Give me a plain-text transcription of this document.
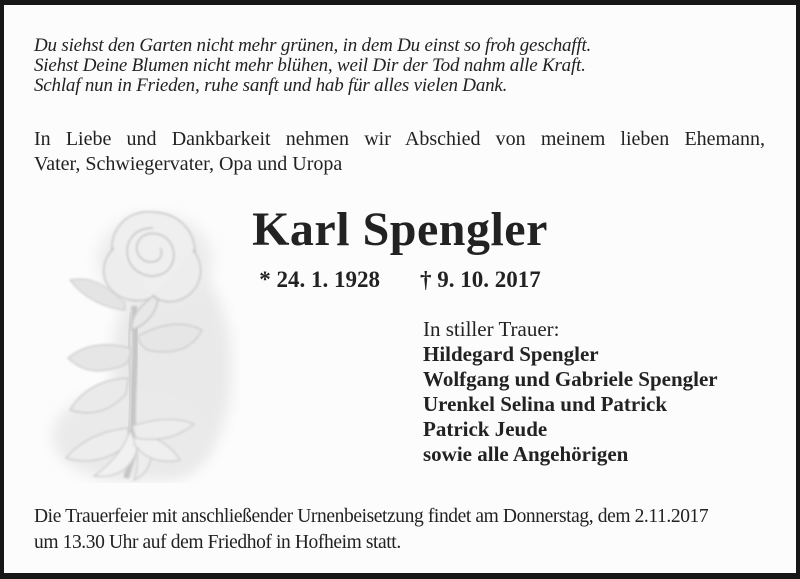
Du siehst den Garten nicht mehr grünen, in dem Du einst so froh geschafft.
Siehst Deine Blumen nicht mehr blühen, weil Dir der Tod nahm alle Kraft.
Schlaf nun in Frieden, ruhe sanft und hab für alles vielen Dank.
In Liebe und Dankbarkeit nehmen wir Abschied von meinem lieben Ehemann,
Vater, Schwiegervater, Opa und Uropa
Karl Spengler
* 24. 1. 1928 † 9. 10. 2017
In stiller Trauer:
Hildegard Spengler
Wolfgang und Gabriele Spengler
Urenkel Selina und Patrick
Patrick Jeude
sowie alle Angehörigen
Die Trauerfeier mit anschließender Urnenbeisetzung findet am Donnerstag, dem 2.11.2017
um 13.30 Uhr auf dem Friedhof in Hofheim statt.
